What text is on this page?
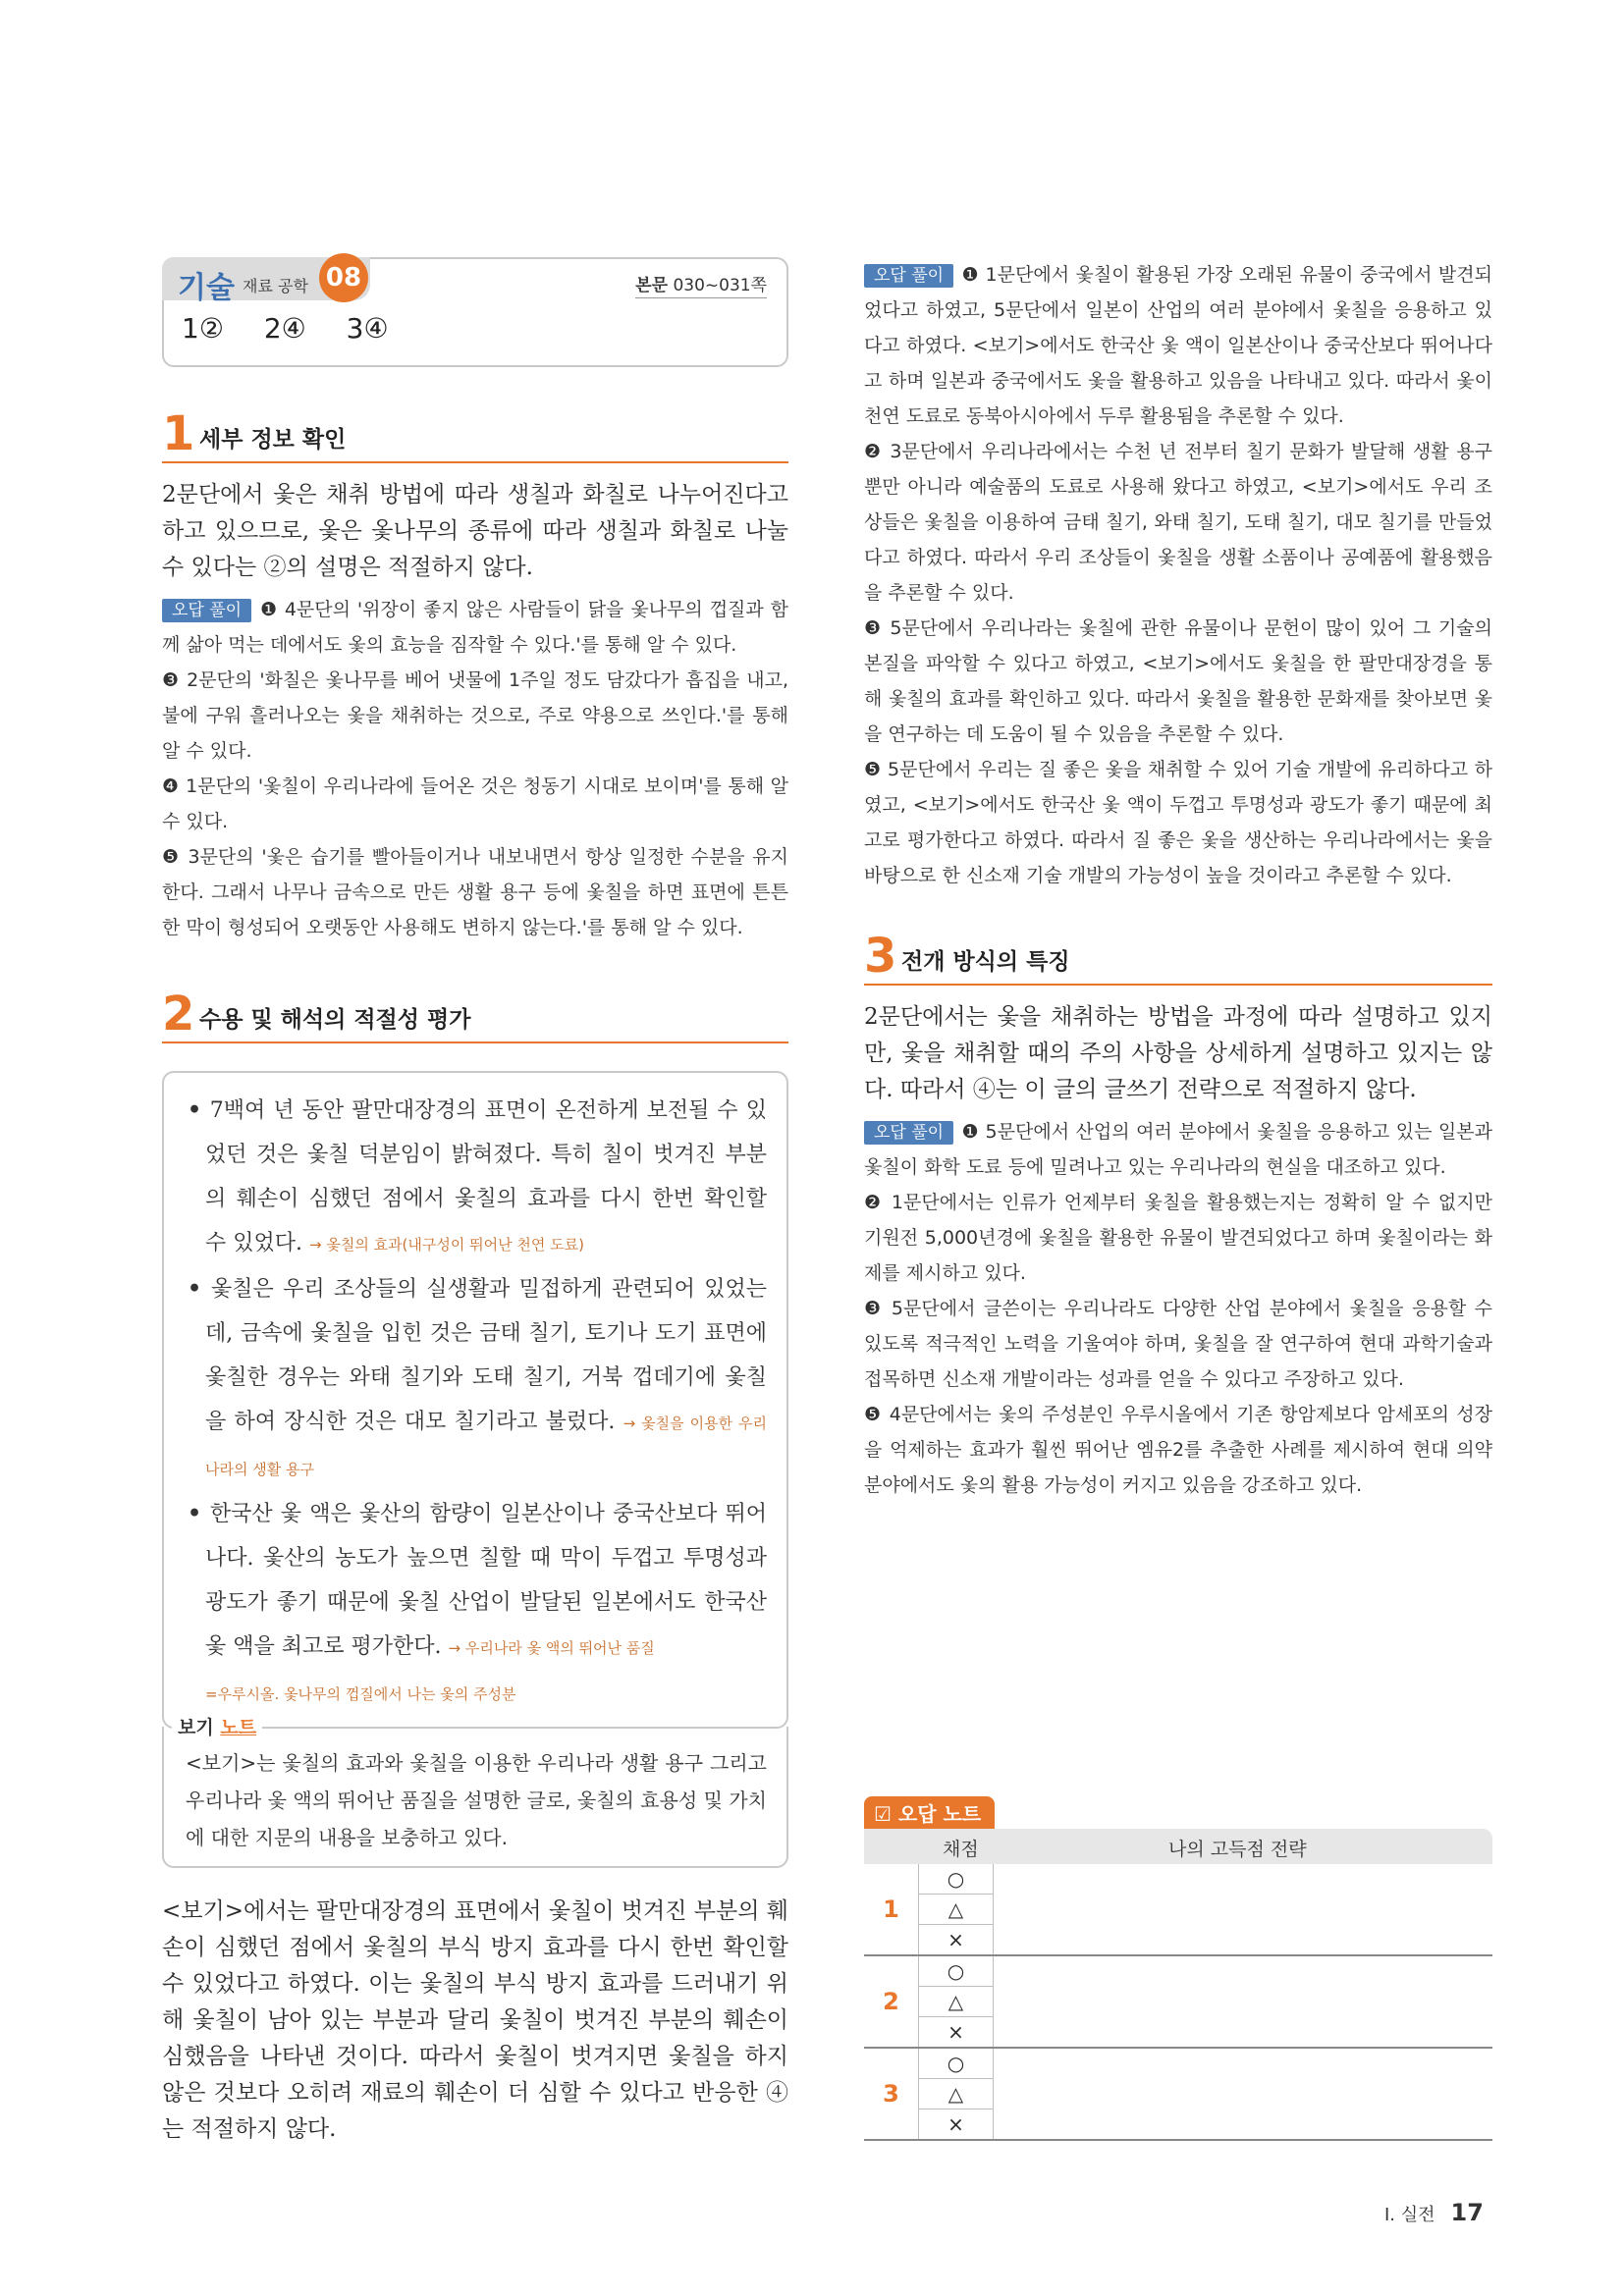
기술 재료 공학 08	본문 030~031쪽
1② 2④ 3④
1 세부 정보 확인
2문단에서 옻은 채취 방법에 따라 생칠과 화칠로 나누어진다고 하고 있으므로, 옻은 옻나무의 종류에 따라 생칠과 화칠로 나눌 수 있다는 ②의 설명은 적절하지 않다.

오답 풀이 ❶ 4문단의 '위장이 좋지 않은 사람들이 닭을 옻나무의 껍질과 함께 삶아 먹는 데에서도 옻의 효능을 짐작할 수 있다.'를 통해 알 수 있다.

❸ 2문단의 '화칠은 옻나무를 베어 냇물에 1주일 정도 담갔다가 흡집을 내고, 불에 구워 흘러나오는 옻을 채취하는 것으로, 주로 약용으로 쓰인다.'를 통해 알 수 있다.

❹ 1문단의 '옻칠이 우리나라에 들어온 것은 청동기 시대로 보이며'를 통해 알 수 있다.

❺ 3문단의 '옻은 습기를 빨아들이거나 내보내면서 항상 일정한 수분을 유지한다. 그래서 나무나 금속으로 만든 생활 용구 등에 옻칠을 하면 표면에 튼튼한 막이 형성되어 오랫동안 사용해도 변하지 않는다.'를 통해 알 수 있다.

2 수용 및 해석의 적절성 평가
• 7백여 년 동안 팔만대장경의 표면이 온전하게 보전될 수 있었던 것은 옻칠 덕분임이 밝혀졌다. 특히 칠이 벗겨진 부분의 훼손이 심했던 점에서 옻칠의 효과를 다시 한번 확인할 수 있었다. → 옻칠의 효과(내구성이 뛰어난 천연 도료)
• 옻칠은 우리 조상들의 실생활과 밀접하게 관련되어 있었는데, 금속에 옻칠을 입힌 것은 금태 칠기, 토기나 도기 표면에 옻칠한 경우는 와태 칠기와 도태 칠기, 거북 껍데기에 옻칠을 하여 장식한 것은 대모 칠기라고 불렀다. → 옻칠을 이용한 우리나라의 생활 용구
• 한국산 옻 액은 옻산의 함량이 일본산이나 중국산보다 뛰어나다. 옻산의 농도가 높으면 칠할 때 막이 두껍고 투명성과 광도가 좋기 때문에 옻칠 산업이 발달된 일본에서도 한국산 옻 액을 최고로 평가한다. → 우리나라 옻 액의 뛰어난 품질
=우루시올. 옻나무의 껍질에서 나는 옻의 주성분
보기 노트
<보기>는 옻칠의 효과와 옻칠을 이용한 우리나라 생활 용구 그리고 우리나라 옻 액의 뛰어난 품질을 설명한 글로, 옻칠의 효용성 및 가치에 대한 지문의 내용을 보충하고 있다.
<보기>에서는 팔만대장경의 표면에서 옻칠이 벗겨진 부분의 훼손이 심했던 점에서 옻칠의 부식 방지 효과를 다시 한번 확인할 수 있었다고 하였다. 이는 옻칠의 부식 방지 효과를 드러내기 위해 옻칠이 남아 있는 부분과 달리 옻칠이 벗겨진 부분의 훼손이 심했음을 나타낸 것이다. 따라서 옻칠이 벗겨지면 옻칠을 하지 않은 것보다 오히려 재료의 훼손이 더 심할 수 있다고 반응한 ④는 적절하지 않다.

오답 풀이 ❶ 1문단에서 옻칠이 활용된 가장 오래된 유물이 중국에서 발견되었다고 하였고, 5문단에서 일본이 산업의 여러 분야에서 옻칠을 응용하고 있다고 하였다. <보기>에서도 한국산 옻 액이 일본산이나 중국산보다 뛰어나다고 하며 일본과 중국에서도 옻을 활용하고 있음을 나타내고 있다. 따라서 옻이 천연 도료로 동북아시아에서 두루 활용됨을 추론할 수 있다.

❷ 3문단에서 우리나라에서는 수천 년 전부터 칠기 문화가 발달해 생활 용구뿐만 아니라 예술품의 도료로 사용해 왔다고 하였고, <보기>에서도 우리 조상들은 옻칠을 이용하여 금태 칠기, 와태 칠기, 도태 칠기, 대모 칠기를 만들었다고 하였다. 따라서 우리 조상들이 옻칠을 생활 소품이나 공예품에 활용했음을 추론할 수 있다.

❸ 5문단에서 우리나라는 옻칠에 관한 유물이나 문헌이 많이 있어 그 기술의 본질을 파악할 수 있다고 하였고, <보기>에서도 옻칠을 한 팔만대장경을 통해 옻칠의 효과를 확인하고 있다. 따라서 옻칠을 활용한 문화재를 찾아보면 옻을 연구하는 데 도움이 될 수 있음을 추론할 수 있다.

❺ 5문단에서 우리는 질 좋은 옻을 채취할 수 있어 기술 개발에 유리하다고 하였고, <보기>에서도 한국산 옻 액이 두껍고 투명성과 광도가 좋기 때문에 최고로 평가한다고 하였다. 따라서 질 좋은 옻을 생산하는 우리나라에서는 옻을 바탕으로 한 신소재 기술 개발의 가능성이 높을 것이라고 추론할 수 있다.

3 전개 방식의 특징
2문단에서는 옻을 채취하는 방법을 과정에 따라 설명하고 있지만, 옻을 채취할 때의 주의 사항을 상세하게 설명하고 있지는 않다. 따라서 ④는 이 글의 글쓰기 전략으로 적절하지 않다.

오답 풀이 ❶ 5문단에서 산업의 여러 분야에서 옻칠을 응용하고 있는 일본과 옻칠이 화학 도료 등에 밀려나고 있는 우리나라의 현실을 대조하고 있다.

❷ 1문단에서는 인류가 언제부터 옻칠을 활용했는지는 정확히 알 수 없지만 기원전 5,000년경에 옻칠을 활용한 유물이 발견되었다고 하며 옻칠이라는 화제를 제시하고 있다.

❸ 5문단에서 글쓴이는 우리나라도 다양한 산업 분야에서 옻칠을 응용할 수 있도록 적극적인 노력을 기울여야 하며, 옻칠을 잘 연구하여 현대 과학기술과 접목하면 신소재 개발이라는 성과를 얻을 수 있다고 주장하고 있다.

❺ 4문단에서는 옻의 주성분인 우루시올에서 기존 항암제보다 암세포의 성장을 억제하는 효과가 훨씬 뛰어난 엠유2를 추출한 사례를 제시하여 현대 의약 분야에서도 옻의 활용 가능성이 커지고 있음을 강조하고 있다.

☑ 오답 노트
채점	나의 고득점 전략
1	○	
	△	
	×	
2	○	
	△	
	×	
3	○	
	△	
	×	
I. 실전 17
